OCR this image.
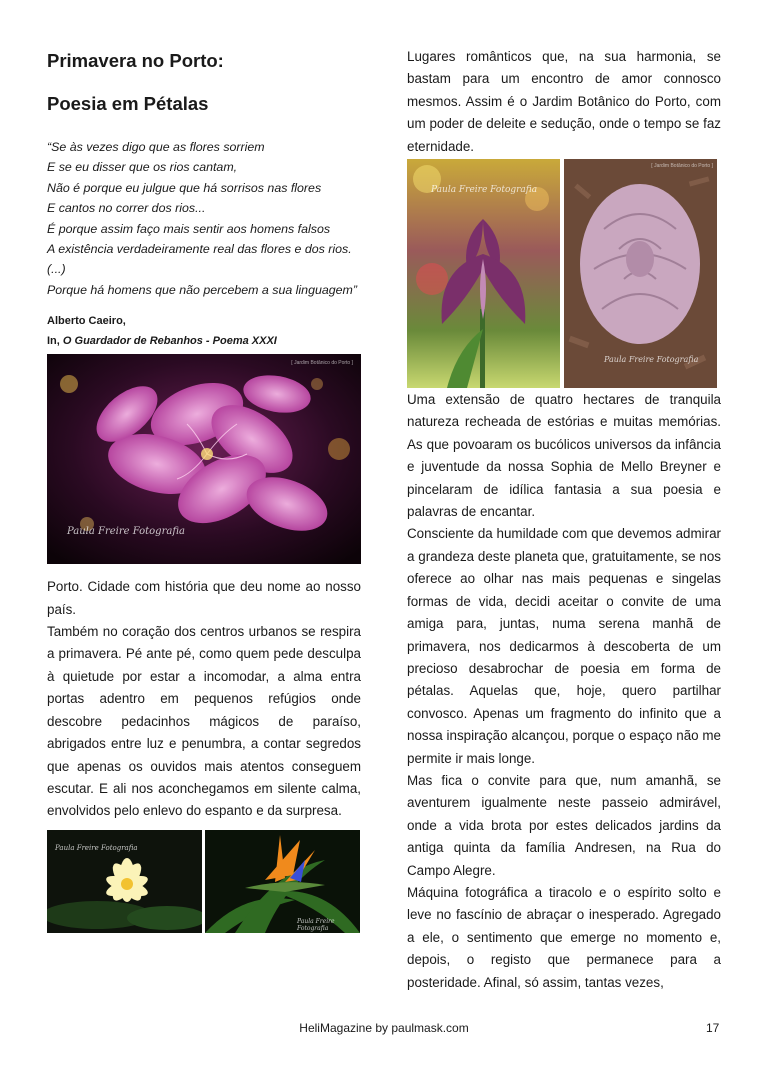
Primavera no Porto:
Poesia em Pétalas
“Se às vezes digo que as flores sorriem
E se eu disser que os rios cantam,
Não é porque eu julgue que há sorrisos nas flores
E cantos no correr dos rios...
É porque assim faço mais sentir aos homens falsos
A existência verdadeiramente real das flores e dos rios.
(...)
Porque há homens que não percebem a sua linguagem”
Alberto Caeiro,
In, O Guardador de Rebanhos - Poema XXXI
[ Jardim Botânico do Porto ]
Paula Freire Fotografia

Porto. Cidade com história que deu nome ao nosso país.

Também no coração dos centros urbanos se respira a primavera. Pé ante pé, como quem pede desculpa à quietude por estar a incomodar, a alma entra portas adentro em pequenos refúgios onde descobre pedacinhos mágicos de paraíso, abrigados entre luz e penumbra, a contar segredos que apenas os ouvidos mais atentos conseguem escutar. E ali nos aconchegamos em silente calma, envolvidos pelo enlevo do espanto e da surpresa.

Paula Freire Fotografia
Paula Freire Fotografia

Lugares românticos que, na sua harmonia, se bastam para um encontro de amor connosco mesmos. Assim é o Jardim Botânico do Porto, com um poder de deleite e sedução, onde o tempo se faz eternidade.

Paula Freire Fotografia
Paula Freire Fotografia
[ Jardim Botânico do Porto ]

Uma extensão de quatro hectares de tranquila natureza recheada de estórias e muitas memórias. As que povoaram os bucólicos universos da infância e juventude da nossa Sophia de Mello Breyner e pincelaram de idílica fantasia a sua poesia e palavras de encantar.

Consciente da humildade com que devemos admirar a grandeza deste planeta que, gratuitamente, se nos oferece ao olhar nas mais pequenas e singelas formas de vida, decidi aceitar o convite de uma amiga para, juntas, numa serena manhã de primavera, nos dedicarmos à descoberta de um precioso desabrochar de poesia em forma de pétalas. Aquelas que, hoje, quero partilhar convosco. Apenas um fragmento do infinito que a nossa inspiração alcançou, porque o espaço não me permite ir mais longe.

Mas fica o convite para que, num amanhã, se aventurem igualmente neste passeio admirável, onde a vida brota por estes delicados jardins da antiga quinta da família Andresen, na Rua do Campo Alegre.

Máquina fotográfica a tiracolo e o espírito solto e leve no fascínio de abraçar o inesperado. Agregado a ele, o sentimento que emerge no momento e, depois, o registo que permanece para a posteridade. Afinal, só assim, tantas vezes,

HeliMagazine by paulmask.com	17
